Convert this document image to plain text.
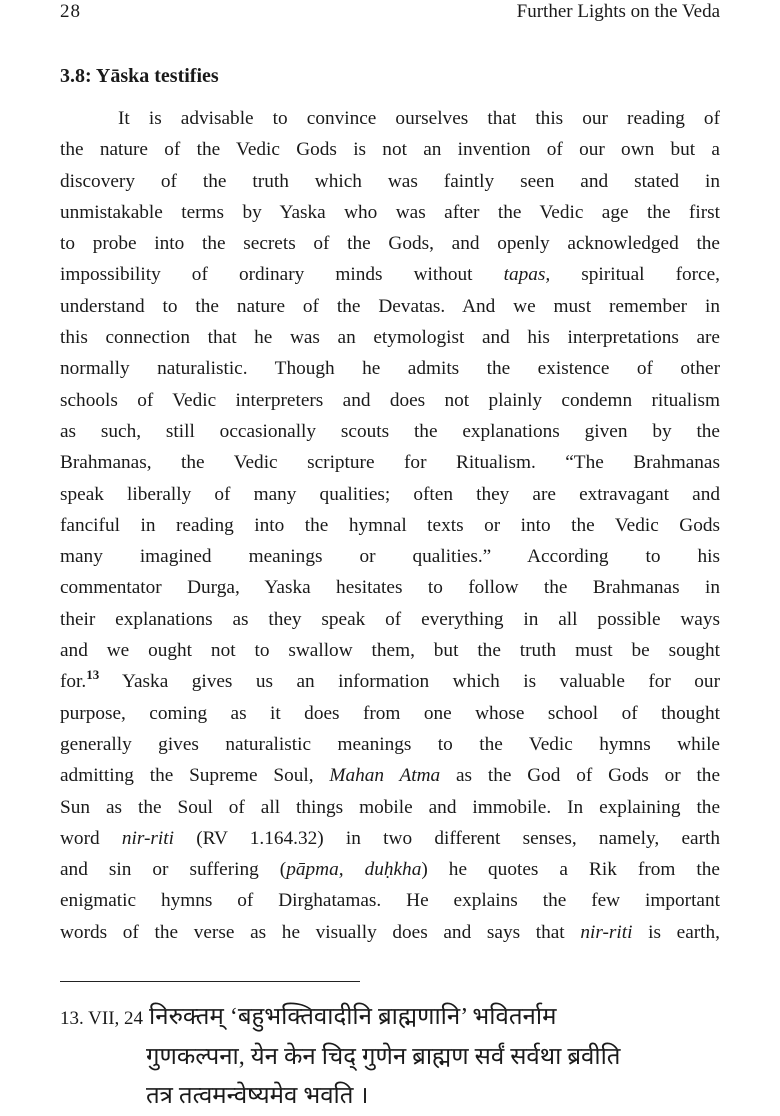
28	Further Lights on the Veda
3.8: Yāska testifies
It is advisable to convince ourselves that this our reading of
the nature of the Vedic Gods is not an invention of our own but a
discovery of the truth which was faintly seen and stated in
unmistakable terms by Yaska who was after the Vedic age the first
to probe into the secrets of the Gods, and openly acknowledged the
impossibility of ordinary minds without tapas, spiritual force,
understand to the nature of the Devatas. And we must remember in
this connection that he was an etymologist and his interpretations are
normally naturalistic. Though he admits the existence of other
schools of Vedic interpreters and does not plainly condemn ritualism
as such, still occasionally scouts the explanations given by the
Brahmanas, the Vedic scripture for Ritualism. “The Brahmanas
speak liberally of many qualities; often they are extravagant and
fanciful in reading into the hymnal texts or into the Vedic Gods
many imagined meanings or qualities.” According to his
commentator Durga, Yaska hesitates to follow the Brahmanas in
their explanations as they speak of everything in all possible ways
and we ought not to swallow them, but the truth must be sought
for.$^{13}$ Yaska gives us an information which is valuable for our
purpose, coming as it does from one whose school of thought
generally gives naturalistic meanings to the Vedic hymns while
admitting the Supreme Soul, Mahan Atma as the God of Gods or the
Sun as the Soul of all things mobile and immobile. In explaining the
word nir-riti (RV 1.164.32) in two different senses, namely, earth
and sin or suffering (pāpma, duḥkha) he quotes a Rik from the
enigmatic hymns of Dirghatamas. He explains the few important
words of the verse as he visually does and says that nir-riti is earth,
13. VII, 24 निरुक्तम् ‘बहुभक्तिवादीनि ब्राह्मणानि’ भवितर्नाम
गुणकल्पना, येन केन चिद् गुणेन ब्राह्मण सर्वं सर्वथा ब्रवीति
तत्र तत्वमन्वेष्यमेव भवति ।
